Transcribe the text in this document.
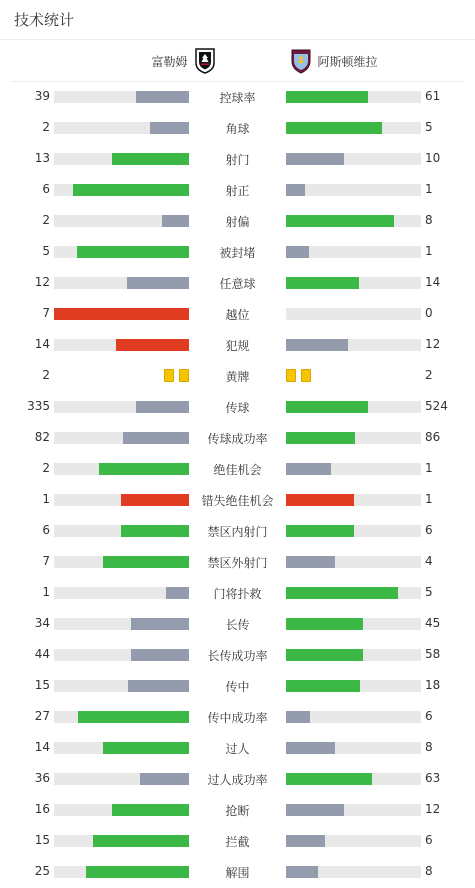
技术统计
富勒姆	阿斯顿维拉
39	控球率	61
2	角球	5
13	射门	10
6	射正	1
2	射偏	8
5	被封堵	1
12	任意球	14
7	越位	0
14	犯规	12
2	黄牌	2
335	传球	524
82	传球成功率	86
2	绝佳机会	1
1	错失绝佳机会	1
6	禁区内射门	6
7	禁区外射门	4
1	门将扑救	5
34	长传	45
44	长传成功率	58
15	传中	18
27	传中成功率	6
14	过人	8
36	过人成功率	63
16	抢断	12
15	拦截	6
25	解围	8
